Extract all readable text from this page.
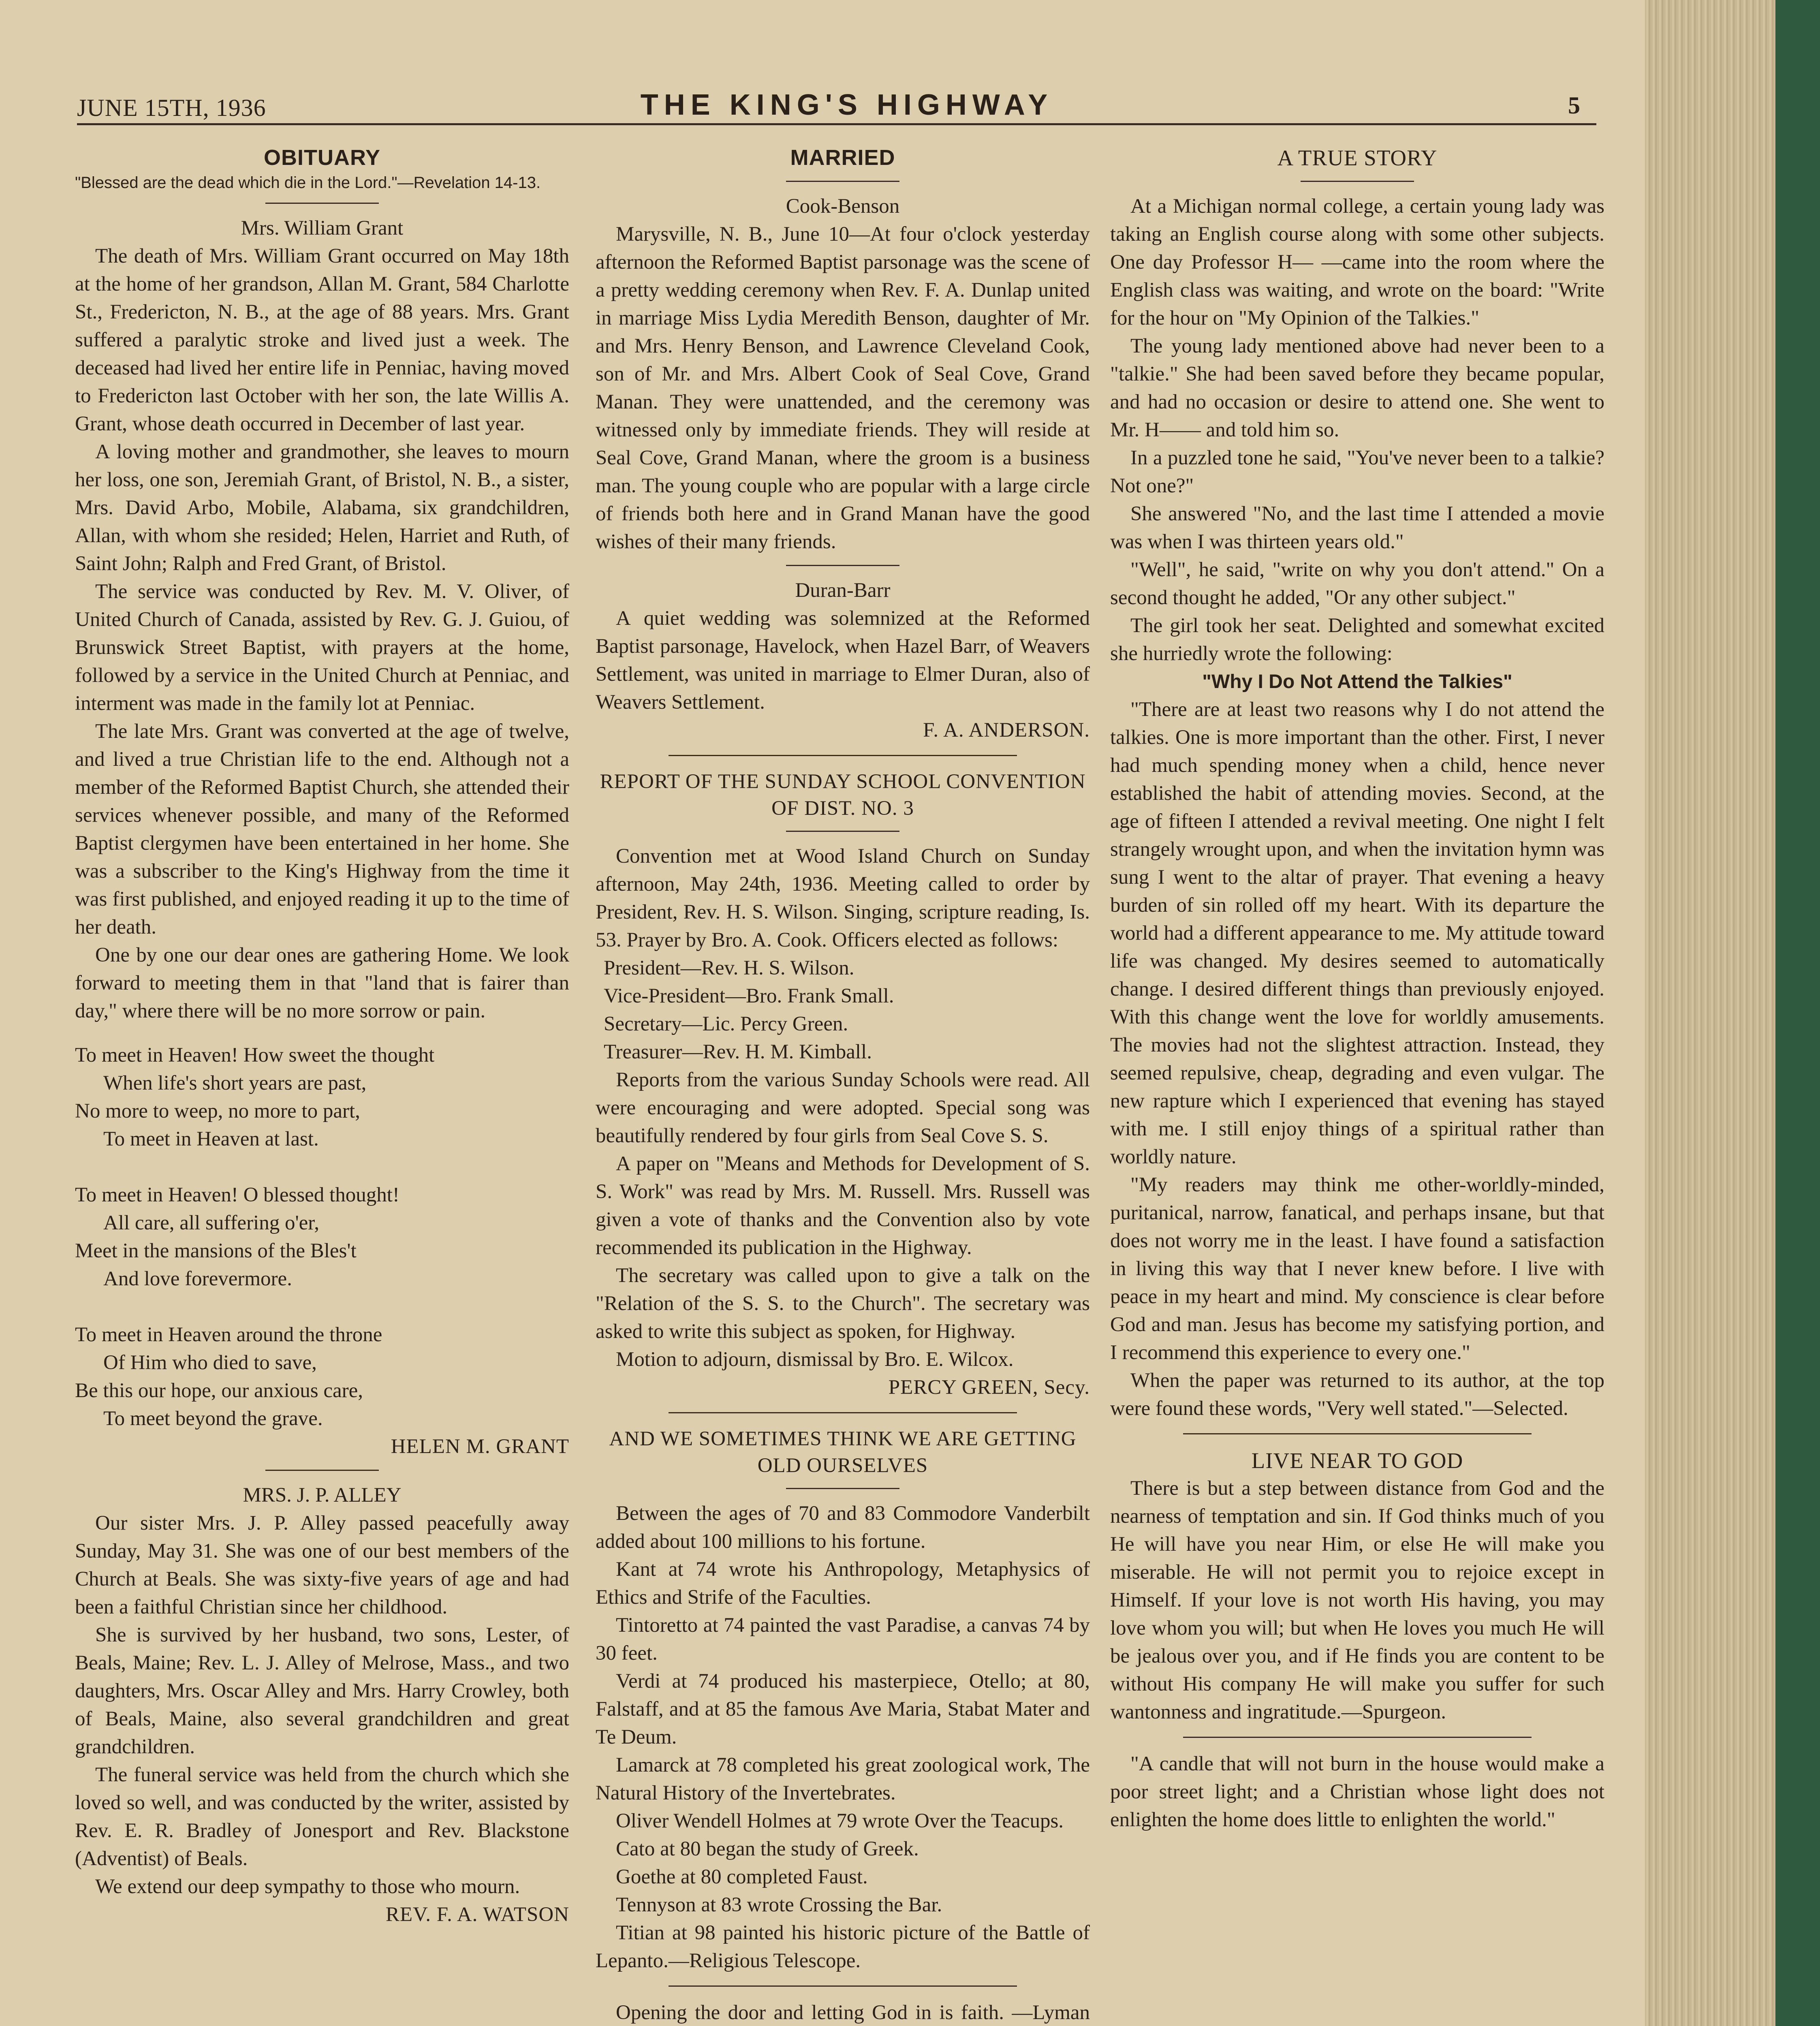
JUNE 15TH, 1936	THE KING'S HIGHWAY	5
OBITUARY

"Blessed are the dead which die in the Lord."—Revelation 14-13.

Mrs. William Grant

The death of Mrs. William Grant occurred on May 18th at the home of her grandson, Allan M. Grant, 584 Charlotte St., Fredericton, N. B., at the age of 88 years. Mrs. Grant suffered a paralytic stroke and lived just a week. The deceased had lived her entire life in Penniac, having moved to Fredericton last October with her son, the late Willis A. Grant, whose death occurred in December of last year.

A loving mother and grandmother, she leaves to mourn her loss, one son, Jeremiah Grant, of Bristol, N. B., a sister, Mrs. David Arbo, Mobile, Alabama, six grandchildren, Allan, with whom she resided; Helen, Harriet and Ruth, of Saint John; Ralph and Fred Grant, of Bristol.

The service was conducted by Rev. M. V. Oliver, of United Church of Canada, assisted by Rev. G. J. Guiou, of Brunswick Street Baptist, with prayers at the home, followed by a service in the United Church at Penniac, and interment was made in the family lot at Penniac.

The late Mrs. Grant was converted at the age of twelve, and lived a true Christian life to the end. Although not a member of the Reformed Baptist Church, she attended their services whenever possible, and many of the Reformed Baptist clergymen have been entertained in her home. She was a subscriber to the King's Highway from the time it was first published, and enjoyed reading it up to the time of her death.

One by one our dear ones are gathering Home. We look forward to meeting them in that "land that is fairer than day," where there will be no more sorrow or pain.

To meet in Heaven! How sweet the thought

When life's short years are past,

No more to weep, no more to part,

To meet in Heaven at last.

To meet in Heaven! O blessed thought!

All care, all suffering o'er,

Meet in the mansions of the Bles't

And love forevermore.

To meet in Heaven around the throne

Of Him who died to save,

Be this our hope, our anxious care,

To meet beyond the grave.

HELEN M. GRANT

MRS. J. P. ALLEY

Our sister Mrs. J. P. Alley passed peacefully away Sunday, May 31. She was one of our best members of the Church at Beals. She was sixty-five years of age and had been a faithful Christian since her childhood.

She is survived by her husband, two sons, Lester, of Beals, Maine; Rev. L. J. Alley of Melrose, Mass., and two daughters, Mrs. Oscar Alley and Mrs. Harry Crowley, both of Beals, Maine, also several grandchildren and great grandchildren.

The funeral service was held from the church which she loved so well, and was conducted by the writer, assisted by Rev. E. R. Bradley of Jonesport and Rev. Blackstone (Adventist) of Beals.

We extend our deep sympathy to those who mourn.

REV. F. A. WATSON

MARRIED

Cook-Benson

Marysville, N. B., June 10—At four o'clock yesterday afternoon the Reformed Baptist parsonage was the scene of a pretty wedding ceremony when Rev. F. A. Dunlap united in marriage Miss Lydia Meredith Benson, daughter of Mr. and Mrs. Henry Benson, and Lawrence Cleveland Cook, son of Mr. and Mrs. Albert Cook of Seal Cove, Grand Manan. They were unattended, and the ceremony was witnessed only by immediate friends. They will reside at Seal Cove, Grand Manan, where the groom is a business man. The young couple who are popular with a large circle of friends both here and in Grand Manan have the good wishes of their many friends.

Duran-Barr

A quiet wedding was solemnized at the Reformed Baptist parsonage, Havelock, when Hazel Barr, of Weavers Settlement, was united in marriage to Elmer Duran, also of Weavers Settlement.

F. A. ANDERSON.

REPORT OF THE SUNDAY SCHOOL CONVENTION OF DIST. NO. 3

Convention met at Wood Island Church on Sunday afternoon, May 24th, 1936. Meeting called to order by President, Rev. H. S. Wilson. Singing, scripture reading, Is. 53. Prayer by Bro. A. Cook. Officers elected as follows:

President—Rev. H. S. Wilson.

Vice-President—Bro. Frank Small.

Secretary—Lic. Percy Green.

Treasurer—Rev. H. M. Kimball.

Reports from the various Sunday Schools were read. All were encouraging and were adopted. Special song was beautifully rendered by four girls from Seal Cove S. S.

A paper on "Means and Methods for Development of S. S. Work" was read by Mrs. M. Russell. Mrs. Russell was given a vote of thanks and the Convention also by vote recommended its publication in the Highway.

The secretary was called upon to give a talk on the "Relation of the S. S. to the Church". The secretary was asked to write this subject as spoken, for Highway.

Motion to adjourn, dismissal by Bro. E. Wilcox.

PERCY GREEN, Secy.

AND WE SOMETIMES THINK WE ARE GETTING OLD OURSELVES

Between the ages of 70 and 83 Commodore Vanderbilt added about 100 millions to his fortune.

Kant at 74 wrote his Anthropology, Metaphysics of Ethics and Strife of the Faculties.

Tintoretto at 74 painted the vast Paradise, a canvas 74 by 30 feet.

Verdi at 74 produced his masterpiece, Otello; at 80, Falstaff, and at 85 the famous Ave Maria, Stabat Mater and Te Deum.

Lamarck at 78 completed his great zoological work, The Natural History of the Invertebrates.

Oliver Wendell Holmes at 79 wrote Over the Teacups.

Cato at 80 began the study of Greek.

Goethe at 80 completed Faust.

Tennyson at 83 wrote Crossing the Bar.

Titian at 98 painted his historic picture of the Battle of Lepanto.—Religious Telescope.

Opening the door and letting God in is faith. —Lyman

A TRUE STORY

At a Michigan normal college, a certain young lady was taking an English course along with some other subjects. One day Professor H— —came into the room where the English class was waiting, and wrote on the board: "Write for the hour on "My Opinion of the Talkies."

The young lady mentioned above had never been to a "talkie." She had been saved before they became popular, and had no occasion or desire to attend one. She went to Mr. H—— and told him so.

In a puzzled tone he said, "You've never been to a talkie? Not one?"

She answered "No, and the last time I attended a movie was when I was thirteen years old."

"Well", he said, "write on why you don't attend." On a second thought he added, "Or any other subject."

The girl took her seat. Delighted and somewhat excited she hurriedly wrote the following:

"Why I Do Not Attend the Talkies"

"There are at least two reasons why I do not attend the talkies. One is more important than the other. First, I never had much spending money when a child, hence never established the habit of attending movies. Second, at the age of fifteen I attended a revival meeting. One night I felt strangely wrought upon, and when the invitation hymn was sung I went to the altar of prayer. That evening a heavy burden of sin rolled off my heart. With its departure the world had a different appearance to me. My attitude toward life was changed. My desires seemed to automatically change. I desired different things than previously enjoyed. With this change went the love for worldly amusements. The movies had not the slightest attraction. Instead, they seemed repulsive, cheap, degrading and even vulgar. The new rapture which I experienced that evening has stayed with me. I still enjoy things of a spiritual rather than worldly nature.

"My readers may think me other-worldly-minded, puritanical, narrow, fanatical, and perhaps insane, but that does not worry me in the least. I have found a satisfaction in living this way that I never knew before. I live with peace in my heart and mind. My conscience is clear before God and man. Jesus has become my satisfying portion, and I recommend this experience to every one."

When the paper was returned to its author, at the top were found these words, "Very well stated."—Selected.

LIVE NEAR TO GOD

There is but a step between distance from God and the nearness of temptation and sin. If God thinks much of you He will have you near Him, or else He will make you miserable. He will not permit you to rejoice except in Himself. If your love is not worth His having, you may love whom you will; but when He loves you much He will be jealous over you, and if He finds you are content to be without His company He will make you suffer for such wantonness and ingratitude.—Spurgeon.

"A candle that will not burn in the house would make a poor street light; and a Christian whose light does not enlighten the home does little to enlighten the world."
